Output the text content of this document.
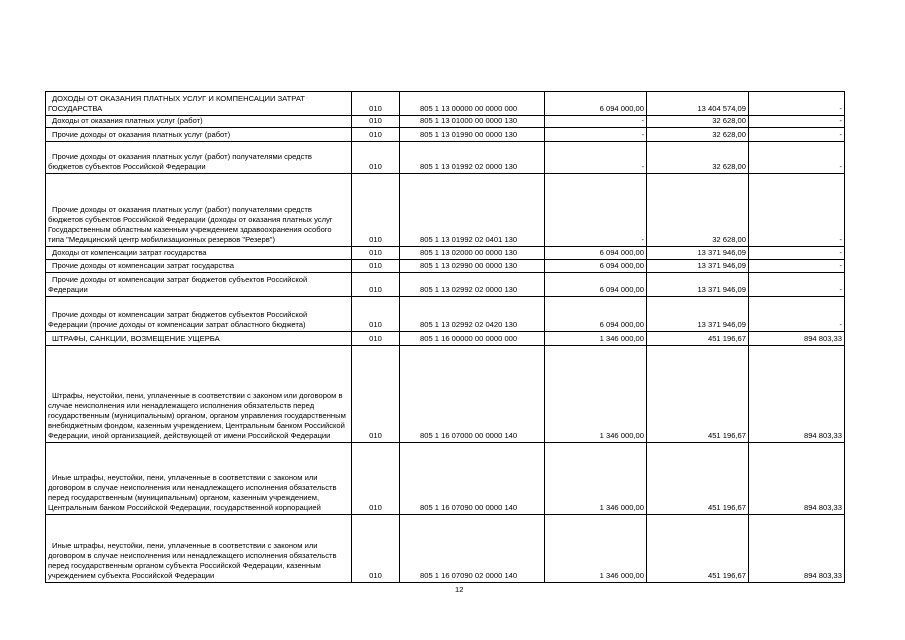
ДОХОДЫ ОТ ОКАЗАНИЯ ПЛАТНЫХ УСЛУГ И КОМПЕНСАЦИИ ЗАТРАТ ГОСУДАРСТВА	010	805 1 13 00000 00 0000 000	6 094 000,00	13 404 574,09	-
Доходы от оказания платных услуг (работ)	010	805 1 13 01000 00 0000 130	-	32 628,00	-
Прочие доходы от оказания платных услуг (работ)	010	805 1 13 01990 00 0000 130	-	32 628,00	-
Прочие доходы от оказания платных услуг (работ) получателями средств бюджетов субъектов Российской Федерации	010	805 1 13 01992 02 0000 130	-	32 628,00	-
Прочие доходы от оказания платных услуг (работ) получателями средств бюджетов субъектов Российской Федерации (доходы от оказания платных услуг Государственным областным казенным учреждением здравоохранения особого типа "Медицинский центр мобилизационных резервов "Резерв")	010	805 1 13 01992 02 0401 130	-	32 628,00	-
Доходы от компенсации затрат государства	010	805 1 13 02000 00 0000 130	6 094 000,00	13 371 946,09	-
Прочие доходы от компенсации затрат государства	010	805 1 13 02990 00 0000 130	6 094 000,00	13 371 946,09	-
Прочие доходы от компенсации затрат бюджетов субъектов Российской Федерации	010	805 1 13 02992 02 0000 130	6 094 000,00	13 371 946,09	-
Прочие доходы от компенсации затрат бюджетов субъектов Российской Федерации (прочие доходы от компенсации затрат областного бюджета)	010	805 1 13 02992 02 0420 130	6 094 000,00	13 371 946,09	-
ШТРАФЫ, САНКЦИИ, ВОЗМЕЩЕНИЕ УЩЕРБА	010	805 1 16 00000 00 0000 000	1 346 000,00	451 196,67	894 803,33
Штрафы, неустойки, пени, уплаченные в соответствии с законом или договором в случае неисполнения или ненадлежащего исполнения обязательств перед государственным (муниципальным) органом, органом управления государственным внебюджетным фондом, казенным учреждением, Центральным банком Российской Федерации, иной организацией, действующей от имени Российской Федерации	010	805 1 16 07000 00 0000 140	1 346 000,00	451 196,67	894 803,33
Иные штрафы, неустойки, пени, уплаченные в соответствии с законом или договором в случае неисполнения или ненадлежащего исполнения обязательств перед государственным (муниципальным) органом, казенным учреждением, Центральным банком Российской Федерации, государственной корпорацией	010	805 1 16 07090 00 0000 140	1 346 000,00	451 196,67	894 803,33
Иные штрафы, неустойки, пени, уплаченные в соответствии с законом или договором в случае неисполнения или ненадлежащего исполнения обязательств перед государственным органом субъекта Российской Федерации, казенным учреждением субъекта Российской Федерации	010	805 1 16 07090 02 0000 140	1 346 000,00	451 196,67	894 803,33
12
